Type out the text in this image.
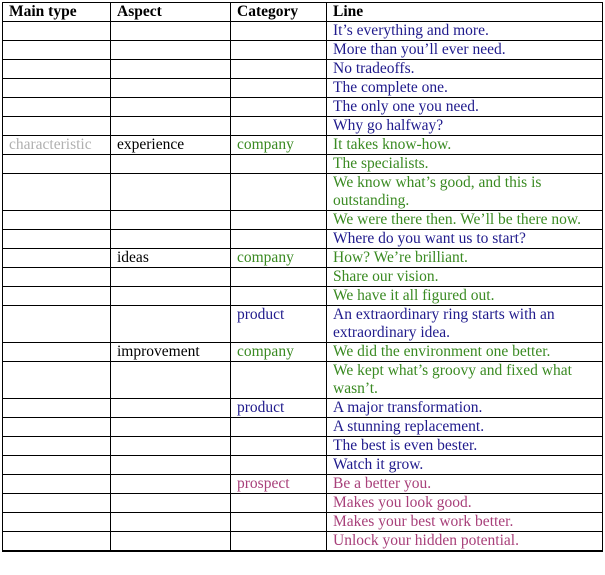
Main type	Aspect	Category	Line
			It’s everything and more.
			More than you’ll ever need.
			No tradeoffs.
			The complete one.
			The only one you need.
			Why go halfway?
characteristic	experience	company	It takes know-how.
			The specialists.
			We know what’s good, and this is outstanding.
			We were there then. We’ll be there now.
			Where do you want us to start?
	ideas	company	How? We’re brilliant.
			Share our vision.
			We have it all figured out.
		product	An extraordinary ring starts with an extraordinary idea.
	improvement	company	We did the environment one better.
			We kept what’s groovy and fixed what wasn’t.
		product	A major transformation.
			A stunning replacement.
			The best is even bester.
			Watch it grow.
		prospect	Be a better you.
			Makes you look good.
			Makes your best work better.
			Unlock your hidden potential.
